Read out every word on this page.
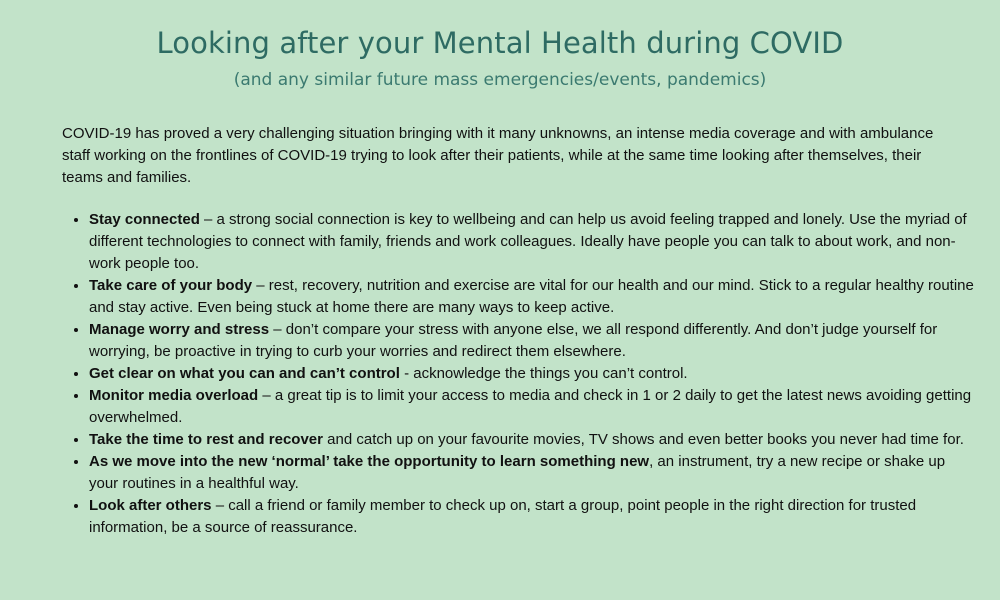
Looking after your Mental Health during COVID
(and any similar future mass emergencies/events, pandemics)

COVID-19 has proved a very challenging situation bringing with it many unknowns, an intense media coverage and with ambulance staff working on the frontlines of COVID-19 trying to look after their patients, while at the same time looking after themselves, their teams and families.

• Stay connected – a strong social connection is key to wellbeing and can help us avoid feeling trapped and lonely. Use the myriad of different technologies to connect with family, friends and work colleagues. Ideally have people you can talk to about work, and non-work people too.
• Take care of your body – rest, recovery, nutrition and exercise are vital for our health and our mind. Stick to a regular healthy routine and stay active. Even being stuck at home there are many ways to keep active.
• Manage worry and stress – don’t compare your stress with anyone else, we all respond differently. And don’t judge yourself for worrying, be proactive in trying to curb your worries and redirect them elsewhere.
• Get clear on what you can and can’t control - acknowledge the things you can’t control.
• Monitor media overload – a great tip is to limit your access to media and check in 1 or 2 daily to get the latest news avoiding getting overwhelmed.
• Take the time to rest and recover and catch up on your favourite movies, TV shows and even better books you never had time for.
• As we move into the new ‘normal’ take the opportunity to learn something new, an instrument, try a new recipe or shake up your routines in a healthful way.
• Look after others – call a friend or family member to check up on, start a group, point people in the right direction for trusted information, be a source of reassurance.
